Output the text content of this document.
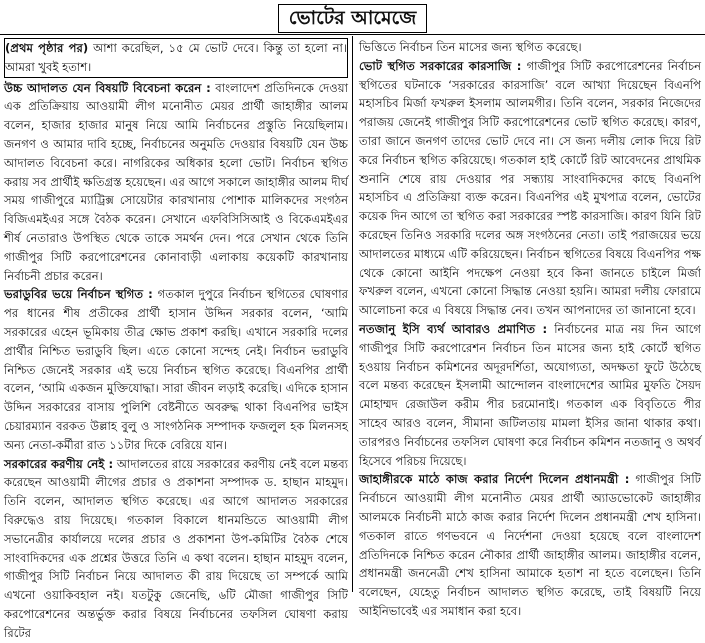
ভোটের আমেজে

(প্রথম পৃষ্ঠার পর) আশা করেছিল, ১৫ মে ভোট দেবে। কিন্তু তা হলো না। আমরা খুবই হতাশ।

উচ্চ আদালত যেন বিষয়টি বিবেচনা করেন : বাংলাদেশ প্রতিদিনকে দেওয়া এক প্রতিক্রিয়ায় আওয়ামী লীগ মনোনীত মেয়র প্রার্থী জাহাঙ্গীর আলম বলেন, হাজার হাজার মানুষ নিয়ে আমি নির্বাচনের প্রস্তুতি নিয়েছিলাম। জনগণ ও আমার দাবি হচ্ছে, নির্বাচনের অনুমতি দেওয়ার বিষয়টি যেন উচ্চ আদালত বিবেচনা করে। নাগরিকের অধিকার হলো ভোট। নির্বাচন স্থগিত করায় সব প্রার্থীই ক্ষতিগ্রস্ত হয়েছেন। এর আগে সকালে জাহাঙ্গীর আলম দীর্ঘ সময় গাজীপুরে ম্যাট্রিক্স সোয়েটার কারখানায় পোশাক মালিকদের সংগঠন বিজিএমইএর সঙ্গে বৈঠক করেন। সেখানে এফবিসিসিআই ও বিকেএমইএর শীর্ষ নেতারাও উপস্থিত থেকে তাকে সমর্থন দেন। পরে সেখান থেকে তিনি গাজীপুর সিটি করপোরেশনের কোনাবাড়ী এলাকায় কয়েকটি কারখানায় নির্বাচনী প্রচার করেন।

ভরাডুবির ভয়ে নির্বাচন স্থগিত : গতকাল দুপুরে নির্বাচন স্থগিতের ঘোষণার পর ধানের শীষ প্রতীকের প্রার্থী হাসান উদ্দিন সরকার বলেন, ‘আমি সরকারের এহেন ভূমিকায় তীব্র ক্ষোভ প্রকাশ করছি। এখানে সরকারি দলের প্রার্থীর নিশ্চিত ভরাডুবি ছিল। এতে কোনো সন্দেহ নেই। নির্বাচন ভরাডুবি নিশ্চিত জেনেই সরকার এই ভয়ে নির্বাচন স্থগিত করেছে। বিএনপির প্রার্থী বলেন, ‘আমি একজন মুক্তিযোদ্ধা। সারা জীবন লড়াই করেছি। এদিকে হাসান উদ্দিন সরকারের বাসায় পুলিশি বেষ্টনীতে অবরুদ্ধ থাকা বিএনপির ভাইস চেয়ারম্যান বরকত উল্লাহ বুলু ও সাংগঠনিক সম্পাদক ফজলুল হক মিলনসহ অন্য নেতা-কর্মীরা রাত ১১টার দিকে বেরিয়ে যান।

সরকারের করণীয় নেই : আদালতের রায়ে সরকারের করণীয় নেই বলে মন্তব্য করেছেন আওয়ামী লীগের প্রচার ও প্রকাশনা সম্পাদক ড. হাছান মাহমুদ। তিনি বলেন, আদালত স্থগিত করেছে। এর আগে আদালত সরকারের বিরুদ্ধেও রায় দিয়েছে। গতকাল বিকালে ধানমন্ডিতে আওয়ামী লীগ সভানেত্রীর কার্যালয়ে দলের প্রচার ও প্রকাশনা উপ-কমিটির বৈঠক শেষে সাংবাদিকদের এক প্রশ্নের উত্তরে তিনি এ কথা বলেন। হাছান মাহমুদ বলেন, গাজীপুর সিটি নির্বাচন নিয়ে আদালত কী রায় দিয়েছে তা সম্পর্কে আমি এখনো ওয়াকিবহাল নই। যতটুকু জেনেছি, ৬টি মৌজা গাজীপুর সিটি করপোরেশনের অন্তর্ভুক্ত করার বিষয়ে নির্বাচনের তফসিল ঘোষণা করায় রিটের

ভিত্তিতে নির্বাচন তিন মাসের জন্য স্থগিত করেছে।

ভোট স্থগিত সরকারের কারসাজি : গাজীপুর সিটি করপোরেশনের নির্বাচন স্থগিতের ঘটনাকে ‘সরকারের কারসাজি’ বলে আখ্যা দিয়েছেন বিএনপি মহাসচিব মির্জা ফখরুল ইসলাম আলমগীর। তিনি বলেন, সরকার নিজেদের পরাজয় জেনেই গাজীপুর সিটি করপোরেশনের ভোট স্থগিত করেছে। কারণ, তারা জানে জনগণ তাদের ভোট দেবে না। সে জন্য দলীয় লোক দিয়ে রিট করে নির্বাচন স্থগিত করিয়েছে। গতকাল হাই কোর্টে রিট আবেদনের প্রাথমিক শুনানি শেষে রায় দেওয়ার পর সন্ধ্যায় সাংবাদিকদের কাছে বিএনপি মহাসচিব এ প্রতিক্রিয়া ব্যক্ত করেন। বিএনপির এই মুখপাত্র বলেন, ভোটের কয়েক দিন আগে তা স্থগিত করা সরকারের স্পষ্ট কারসাজি। কারণ যিনি রিট করেছেন তিনিও সরকারি দলের অঙ্গ সংগঠনের নেতা। তাই পরাজয়ের ভয়ে আদালতের মাধ্যমে এটি করিয়েছেন। নির্বাচন স্থগিতের বিষয়ে বিএনপির পক্ষ থেকে কোনো আইনি পদক্ষেপ নেওয়া হবে কিনা জানতে চাইলে মির্জা ফখরুল বলেন, এখনো কোনো সিদ্ধান্ত নেওয়া হয়নি। আমরা দলীয় ফোরামে আলোচনা করে এ বিষয়ে সিদ্ধান্ত নেব। তখন আপনাদের তা জানানো হবে।

নতজানু ইসি ব্যর্থ আবারও প্রমাণিত : নির্বাচনের মাত্র নয় দিন আগে গাজীপুর সিটি করপোরেশন নির্বাচন তিন মাসের জন্য হাই কোর্টে স্থগিত হওয়ায় নির্বাচন কমিশনের অদূরদর্শিতা, অযোগ্যতা, অদক্ষতা ফুটে উঠেছে বলে মন্তব্য করেছেন ইসলামী আন্দোলন বাংলাদেশের আমির মুফতি সৈয়দ মোহাম্মদ রেজাউল করীম পীর চরমোনাই। গতকাল এক বিবৃতিতে পীর সাহেব আরও বলেন, সীমানা জটিলতায় মামলা ইসির জানা থাকার কথা। তারপরও নির্বাচনের তফসিল ঘোষণা করে নির্বাচন কমিশন নতজানু ও অথর্ব হিসেবে পরিচয় দিয়েছে।

জাহাঙ্গীরকে মাঠে কাজ করার নির্দেশ দিলেন প্রধানমন্ত্রী : গাজীপুর সিটি নির্বাচনে আওয়ামী লীগ মনোনীত মেয়র প্রার্থী অ্যাডভোকেট জাহাঙ্গীর আলমকে নির্বাচনী মাঠে কাজ করার নির্দেশ দিলেন প্রধানমন্ত্রী শেখ হাসিনা। গতকাল রাতে গণভবনে এ নির্দেশনা দেওয়া হয়েছে বলে বাংলাদেশ প্রতিদিনকে নিশ্চিত করেন নৌকার প্রার্থী জাহাঙ্গীর আলম। জাহাঙ্গীর বলেন, প্রধানমন্ত্রী জননেত্রী শেখ হাসিনা আমাকে হতাশ না হতে বলেছেন। তিনি বলেছেন, যেহেতু নির্বাচন আদালত স্থগিত করেছে, তাই বিষয়টি নিয়ে আইনিভাবেই এর সমাধান করা হবে।
